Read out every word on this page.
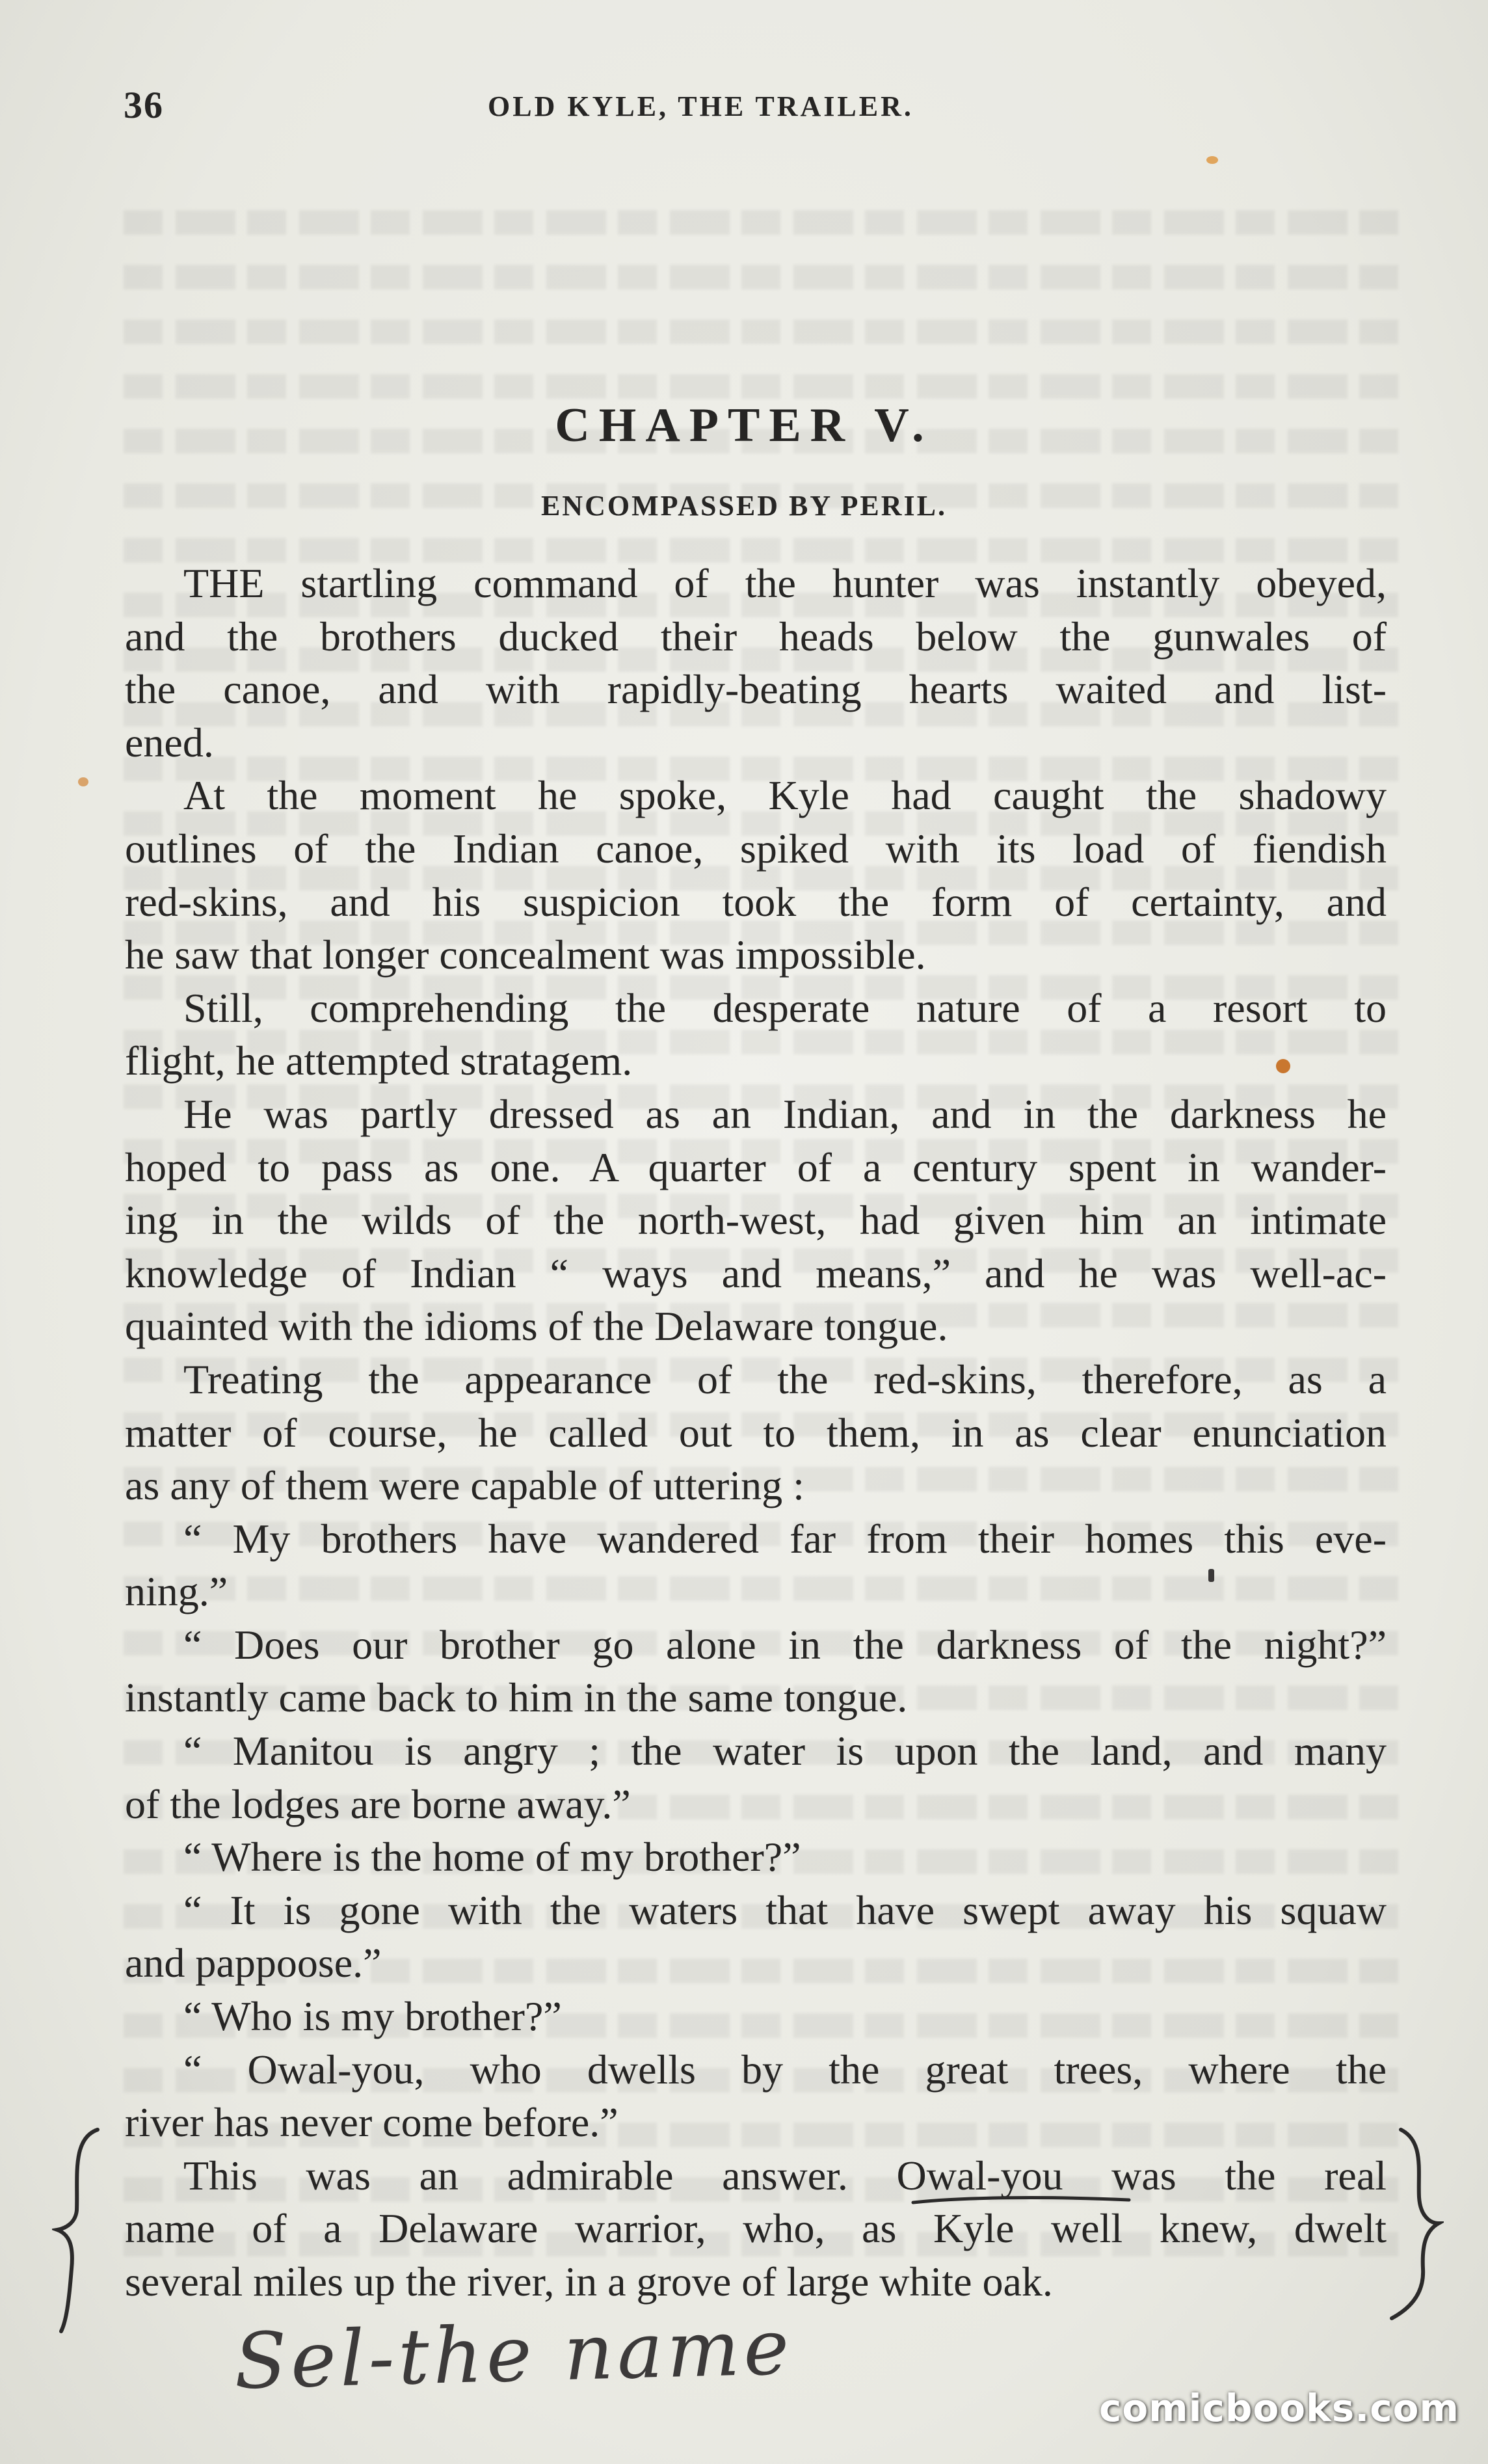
36	OLD KYLE, THE TRAILER.
CHAPTER V.
ENCOMPASSED BY PERIL.
THE startling command of the hunter was instantly obeyed,
and the brothers ducked their heads below the gunwales of
the canoe, and with rapidly-beating hearts waited and list-
ened.
At the moment he spoke, Kyle had caught the shadowy
outlines of the Indian canoe, spiked with its load of fiendish
red-skins, and his suspicion took the form of certainty, and
he saw that longer concealment was impossible.
Still, comprehending the desperate nature of a resort to
flight, he attempted stratagem.
He was partly dressed as an Indian, and in the darkness he
hoped to pass as one. A quarter of a century spent in wander-
ing in the wilds of the north-west, had given him an intimate
knowledge of Indian “ ways and means,” and he was well-ac-
quainted with the idioms of the Delaware tongue.
Treating the appearance of the red-skins, therefore, as a
matter of course, he called out to them, in as clear enunciation
as any of them were capable of uttering :
“ My brothers have wandered far from their homes this eve-
ning.”
“ Does our brother go alone in the darkness of the night?”
instantly came back to him in the same tongue.
“ Manitou is angry ; the water is upon the land, and many
of the lodges are borne away.”
“ Where is the home of my brother?”
“ It is gone with the waters that have swept away his squaw
and pappoose.”
“ Who is my brother?”
“ Owal-you, who dwells by the great trees, where the
river has never come before.”
This was an admirable answer. Owal-you was the real
name of a Delaware warrior, who, as Kyle well knew, dwelt
several miles up the river, in a grove of large white oak.
Sel-the name
comicbooks.com
